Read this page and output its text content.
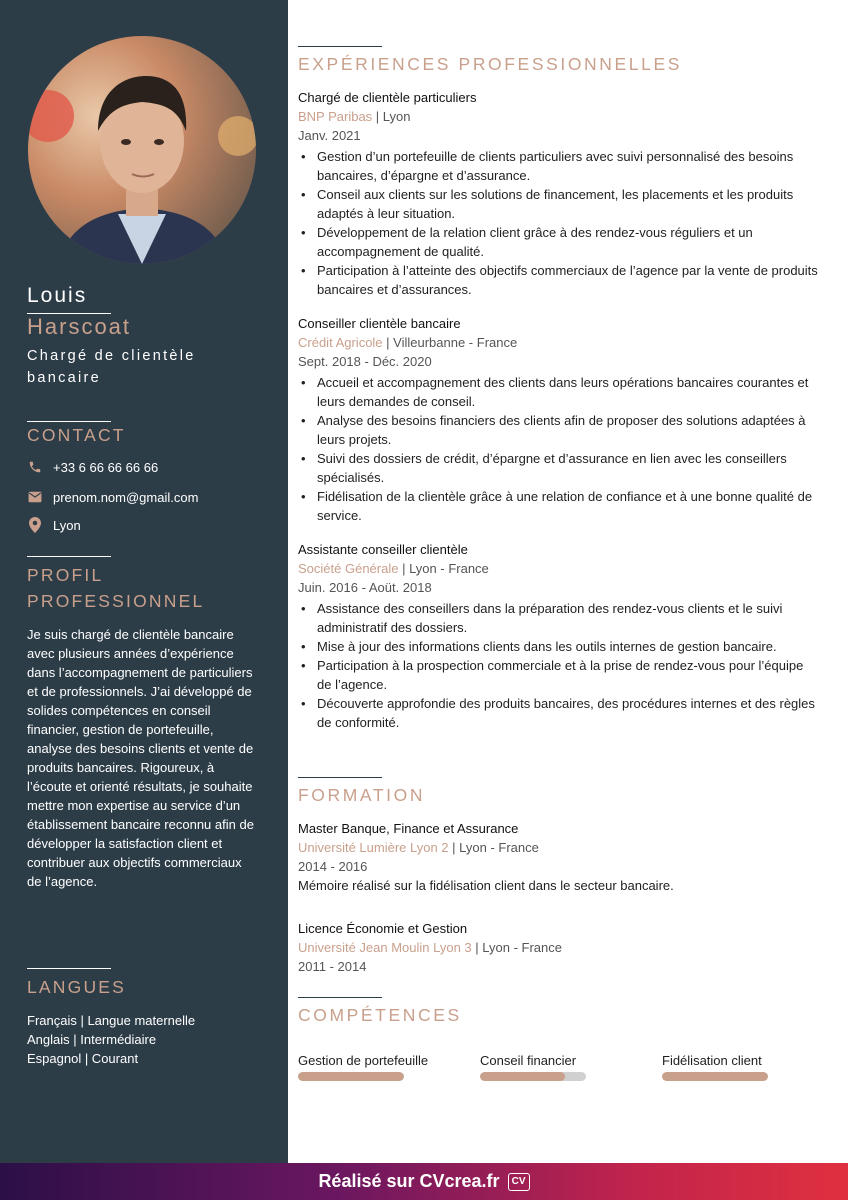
Louis
Harscoat
Chargé de clientèle bancaire
CONTACT
+33 6 66 66 66 66
prenom.nom@gmail.com
Lyon
PROFIL
PROFESSIONNEL
Je suis chargé de clientèle bancaire avec plusieurs années d’expérience dans l’accompagnement de particuliers et de professionnels. J’ai développé de solides compétences en conseil financier, gestion de portefeuille, analyse des besoins clients et vente de produits bancaires. Rigoureux, à l’écoute et orienté résultats, je souhaite mettre mon expertise au service d’un établissement bancaire reconnu afin de développer la satisfaction client et contribuer aux objectifs commerciaux de l’agence.
LANGUES
Français | Langue maternelle
Anglais | Intermédiaire
Espagnol | Courant
EXPÉRIENCES PROFESSIONNELLES
Chargé de clientèle particuliers
BNP Paribas | Lyon
Janv. 2021
• Gestion d’un portefeuille de clients particuliers avec suivi personnalisé des besoins bancaires, d’épargne et d’assurance.
• Conseil aux clients sur les solutions de financement, les placements et les produits adaptés à leur situation.
• Développement de la relation client grâce à des rendez-vous réguliers et un accompagnement de qualité.
• Participation à l’atteinte des objectifs commerciaux de l’agence par la vente de produits bancaires et d’assurances.
Conseiller clientèle bancaire
Crédit Agricole | Villeurbanne - France
Sept. 2018 - Déc. 2020
• Accueil et accompagnement des clients dans leurs opérations bancaires courantes et leurs demandes de conseil.
• Analyse des besoins financiers des clients afin de proposer des solutions adaptées à leurs projets.
• Suivi des dossiers de crédit, d’épargne et d’assurance en lien avec les conseillers spécialisés.
• Fidélisation de la clientèle grâce à une relation de confiance et à une bonne qualité de service.
Assistante conseiller clientèle
Société Générale | Lyon - France
Juin. 2016 - Aoüt. 2018
• Assistance des conseillers dans la préparation des rendez-vous clients et le suivi administratif des dossiers.
• Mise à jour des informations clients dans les outils internes de gestion bancaire.
• Participation à la prospection commerciale et à la prise de rendez-vous pour l’équipe de l’agence.
• Découverte approfondie des produits bancaires, des procédures internes et des règles de conformité.
FORMATION
Master Banque, Finance et Assurance
Université Lumière Lyon 2 | Lyon - France
2014 - 2016
Mémoire réalisé sur la fidélisation client dans le secteur bancaire.
Licence Économie et Gestion
Université Jean Moulin Lyon 3 | Lyon - France
2011 - 2014
COMPÉTENCES
Gestion de portefeuille	Conseil financier	Fidélisation client
Réalisé sur CVcrea.fr	CV
